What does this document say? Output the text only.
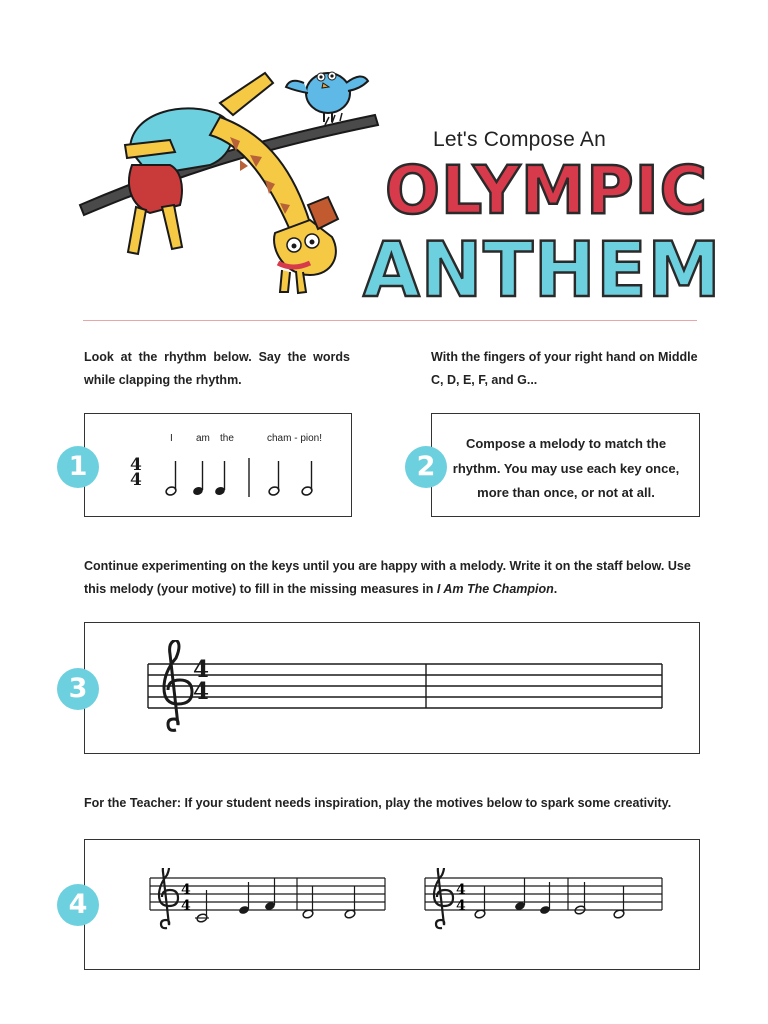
Let's Compose An
OLYMPIC
ANTHEM
Look at the rhythm below. Say the words while clapping the rhythm.
With the fingers of your right hand on Middle C, D, E, F, and G...
1
I am the	cham - pion!
4
4	2
Compose a melody to match the rhythm. You may use each key once, more than once, or not at all.
Continue experimenting on the keys until you are happy with a melody. Write it on the staff below. Use this melody (your motive) to fill in the missing measures in I Am The Champion.
3
4
4
For the Teacher: If your student needs inspiration, play the motives below to spark some creativity.
4	4
4
4
4
